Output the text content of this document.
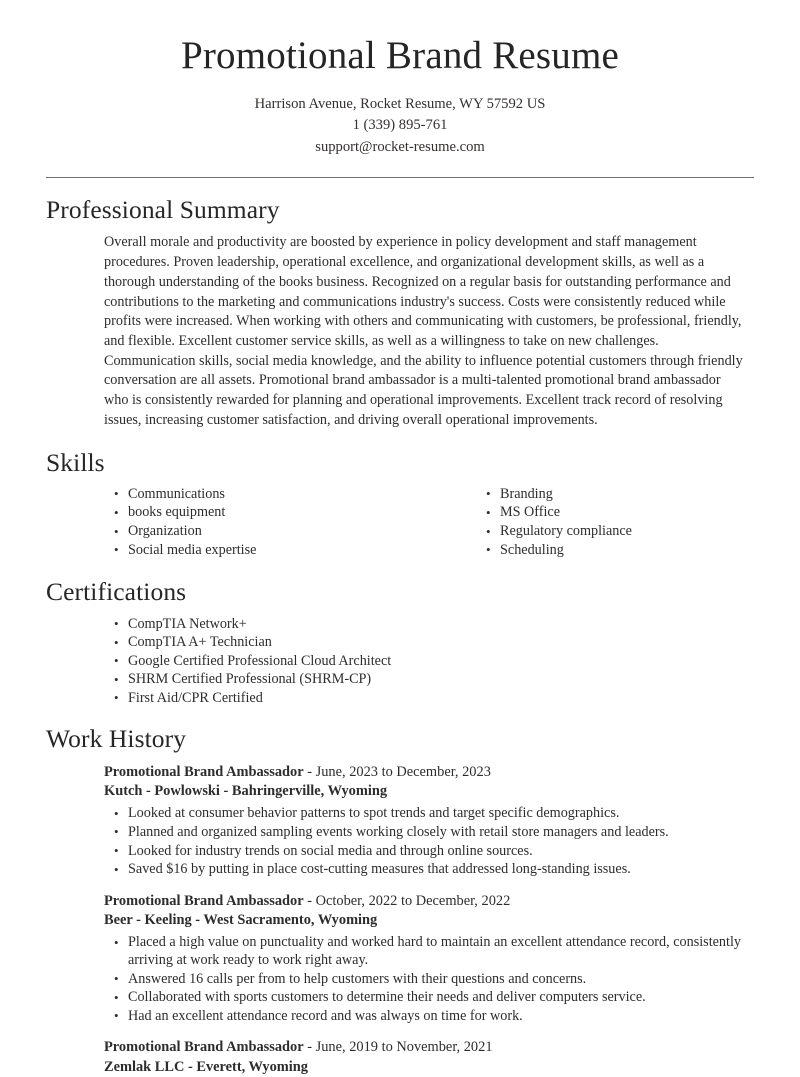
Promotional Brand Resume
Harrison Avenue, Rocket Resume, WY 57592 US
1 (339) 895-761
support@rocket-resume.com
Professional Summary

Overall morale and productivity are boosted by experience in policy development and staff management procedures. Proven leadership, operational excellence, and organizational development skills, as well as a thorough understanding of the books business. Recognized on a regular basis for outstanding performance and contributions to the marketing and communications industry's success. Costs were consistently reduced while profits were increased. When working with others and communicating with customers, be professional, friendly, and flexible. Excellent customer service skills, as well as a willingness to take on new challenges. Communication skills, social media knowledge, and the ability to influence potential customers through friendly conversation are all assets. Promotional brand ambassador is a multi-talented promotional brand ambassador who is consistently rewarded for planning and operational improvements. Excellent track record of resolving issues, increasing customer satisfaction, and driving overall operational improvements.

Skills
• Communications
• books equipment
• Organization
• Social media expertise
• Branding
• MS Office
• Regulatory compliance
• Scheduling
Certifications
• CompTIA Network+
• CompTIA A+ Technician
• Google Certified Professional Cloud Architect
• SHRM Certified Professional (SHRM-CP)
• First Aid/CPR Certified
Work History
Promotional Brand Ambassador - June, 2023 to December, 2023
Kutch - Powlowski - Bahringerville, Wyoming
• Looked at consumer behavior patterns to spot trends and target specific demographics.
• Planned and organized sampling events working closely with retail store managers and leaders.
• Looked for industry trends on social media and through online sources.
• Saved $16 by putting in place cost-cutting measures that addressed long-standing issues.
Promotional Brand Ambassador - October, 2022 to December, 2022
Beer - Keeling - West Sacramento, Wyoming
• Placed a high value on punctuality and worked hard to maintain an excellent attendance record, consistently arriving at work ready to work right away.
• Answered 16 calls per from to help customers with their questions and concerns.
• Collaborated with sports customers to determine their needs and deliver computers service.
• Had an excellent attendance record and was always on time for work.
Promotional Brand Ambassador - June, 2019 to November, 2021
Zemlak LLC - Everett, Wyoming
